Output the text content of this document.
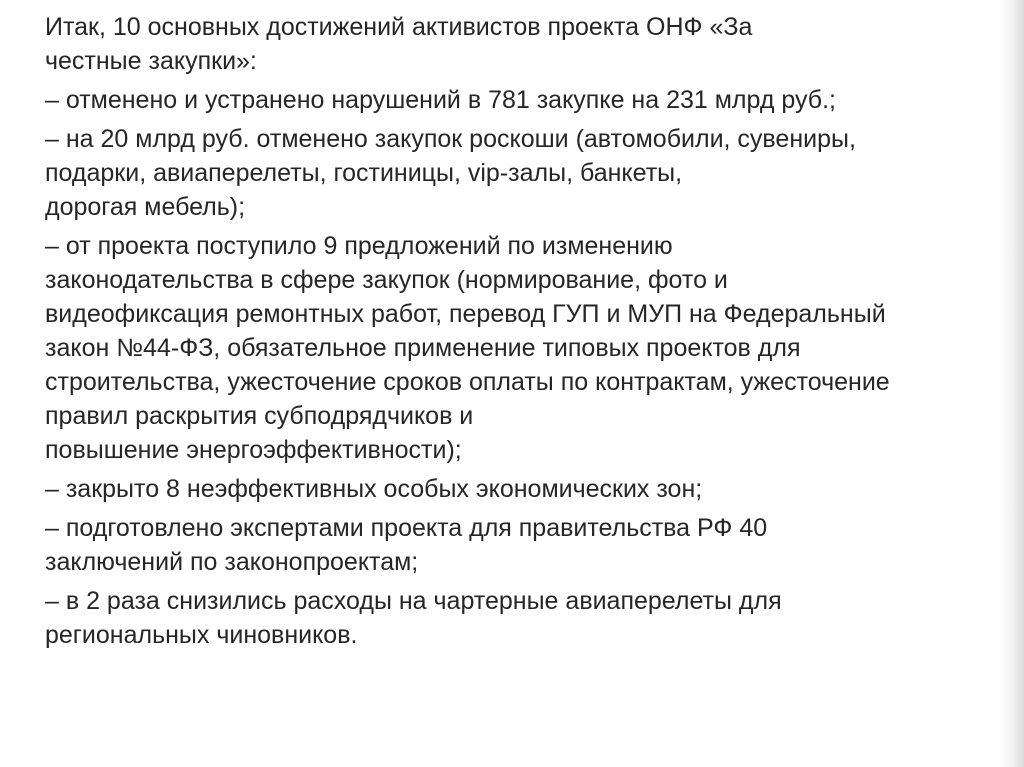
Итак, 10 основных достижений активистов проекта ОНФ «За
честные закупки»:

– отменено и устранено нарушений в 781 закупке на 231 млрд руб.;

– на 20 млрд руб. отменено закупок роскоши (автомобили, сувениры,
подарки, авиаперелеты, гостиницы, vip-залы, банкеты,
дорогая мебель);

– от проекта поступило 9 предложений по изменению
законодательства в сфере закупок (нормирование, фото и
видеофиксация ремонтных работ, перевод ГУП и МУП на Федеральный
закон №44-ФЗ, обязательное применение типовых проектов для
строительства, ужесточение сроков оплаты по контрактам, ужесточение
правил раскрытия субподрядчиков и
повышение энергоэффективности);

– закрыто 8 неэффективных особых экономических зон;

– подготовлено экспертами проекта для правительства РФ 40
заключений по законопроектам;

– в 2 раза снизились расходы на чартерные авиаперелеты для
региональных чиновников.
